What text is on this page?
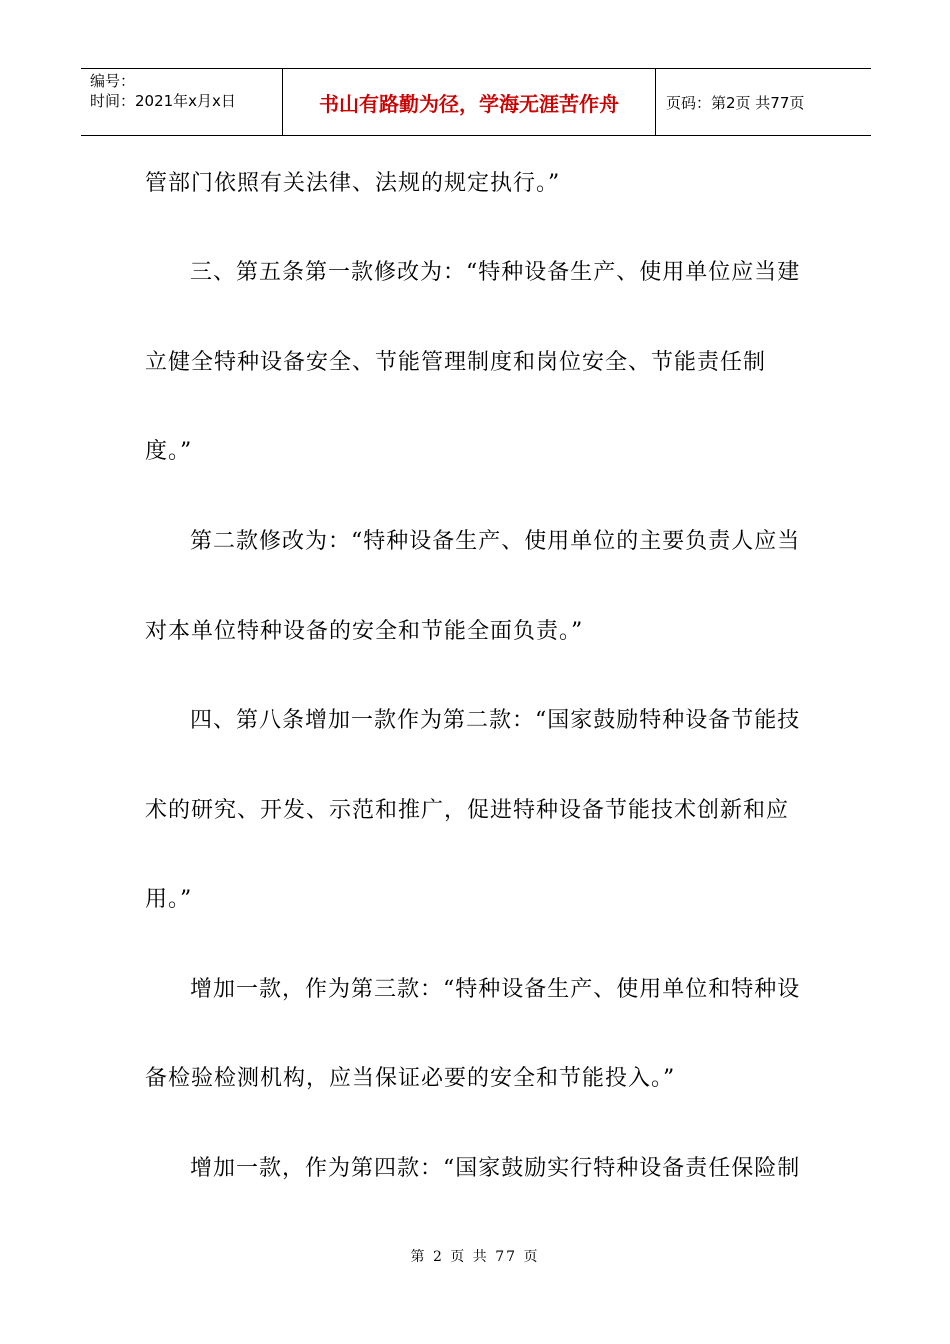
编号：
时间：2021年x月x日	书山有路勤为径，学海无涯苦作舟	页码：第2页 共77页
管部门依照有关法律、法规的规定执行。”
三、第五条第一款修改为：“特种设备生产、使用单位应当建
立健全特种设备安全、节能管理制度和岗位安全、节能责任制
度。”
第二款修改为：“特种设备生产、使用单位的主要负责人应当
对本单位特种设备的安全和节能全面负责。”
四、第八条增加一款作为第二款：“国家鼓励特种设备节能技
术的研究、开发、示范和推广，促进特种设备节能技术创新和应
用。”
增加一款，作为第三款：“特种设备生产、使用单位和特种设
备检验检测机构，应当保证必要的安全和节能投入。”
增加一款，作为第四款：“国家鼓励实行特种设备责任保险制
第 2 页 共 77 页
